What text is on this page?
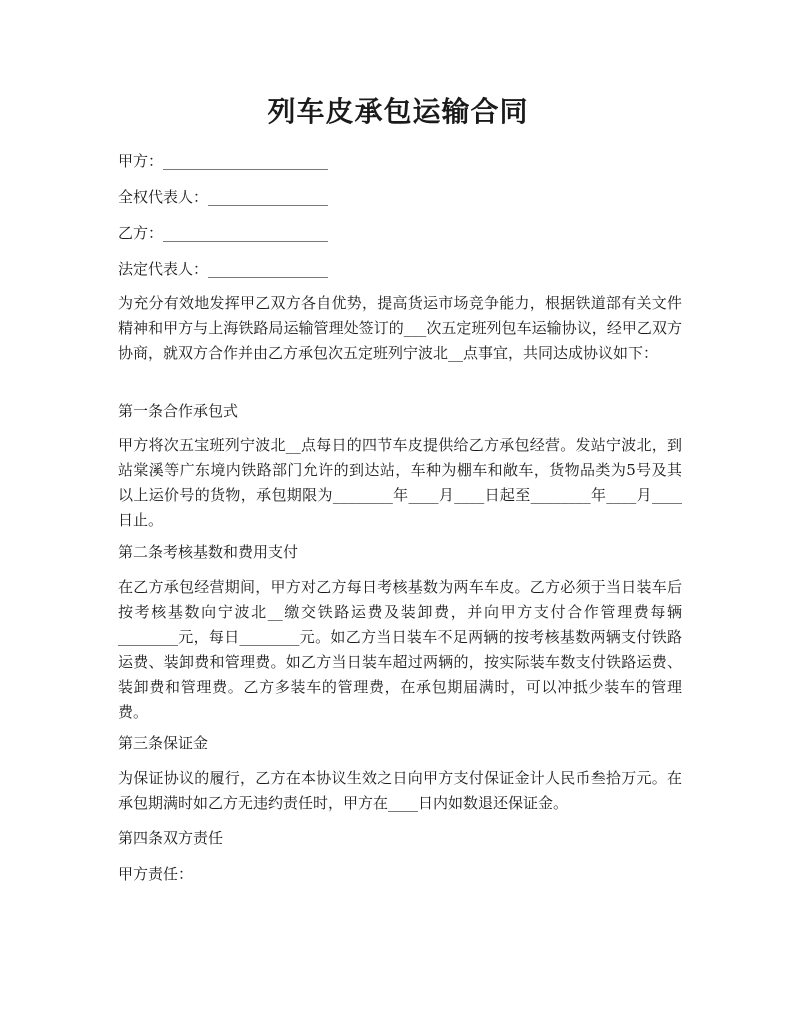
列车皮承包运输合同

甲方：______________________

全权代表人：________________

乙方：______________________

法定代表人：________________

为充分有效地发挥甲乙双方各自优势，提高货运市场竞争能力，根据铁道部有关文件精神和甲方与上海铁路局运输管理处签订的___次五定班列包车运输协议，经甲乙双方协商，就双方合作并由乙方承包次五定班列宁波北__点事宜，共同达成协议如下：

第一条合作承包式

甲方将次五宝班列宁波北__点每日的四节车皮提供给乙方承包经营。发站宁波北，到站棠溪等广东境内铁路部门允许的到达站，车种为棚车和敞车，货物品类为5号及其以上运价号的货物，承包期限为________年____月____日起至________年____月____日止。

第二条考核基数和费用支付

在乙方承包经营期间，甲方对乙方每日考核基数为两车车皮。乙方必须于当日装车后按考核基数向宁波北__缴交铁路运费及装卸费，并向甲方支付合作管理费每辆________元，每日________元。如乙方当日装车不足两辆的按考核基数两辆支付铁路运费、装卸费和管理费。如乙方当日装车超过两辆的，按实际装车数支付铁路运费、装卸费和管理费。乙方多装车的管理费，在承包期届满时，可以冲抵少装车的管理费。

第三条保证金

为保证协议的履行，乙方在本协议生效之日向甲方支付保证金计人民币叁拾万元。在承包期满时如乙方无违约责任时，甲方在____日内如数退还保证金。

第四条双方责任

甲方责任：
